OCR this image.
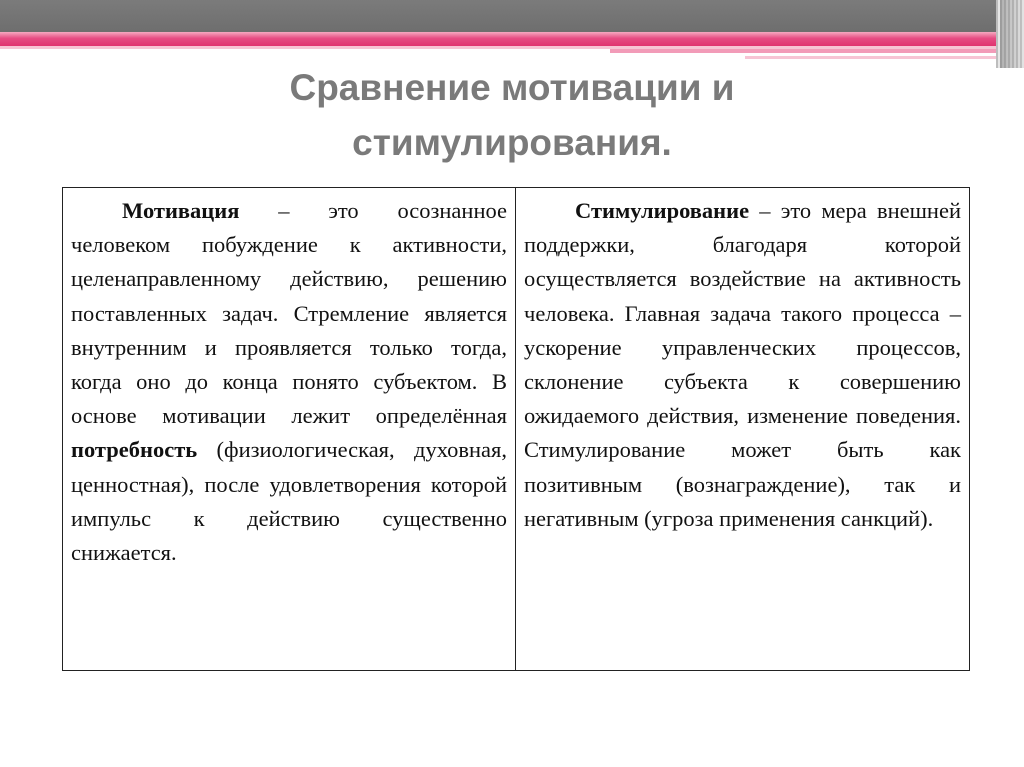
Сравнение мотивации и
стимулирования.

Мотивация – это осознанное человеком побуждение к активности, целенаправленному действию, решению поставленных задач. Стремление является внутренним и проявляется только тогда, когда оно до конца понято субъектом. В основе мотивации лежит определённая потребность (физиологическая, духовная, ценностная), после удовлетворения которой импульс к действию существенно снижается.

Стимулирование – это мера внешней поддержки, благодаря которой осуществляется воздействие на активность человека. Главная задача такого процесса – ускорение управленческих процессов, склонение субъекта к совершению ожидаемого действия, изменение поведения. Стимулирование может быть как позитивным (вознаграждение), так и негативным (угроза применения санкций).
